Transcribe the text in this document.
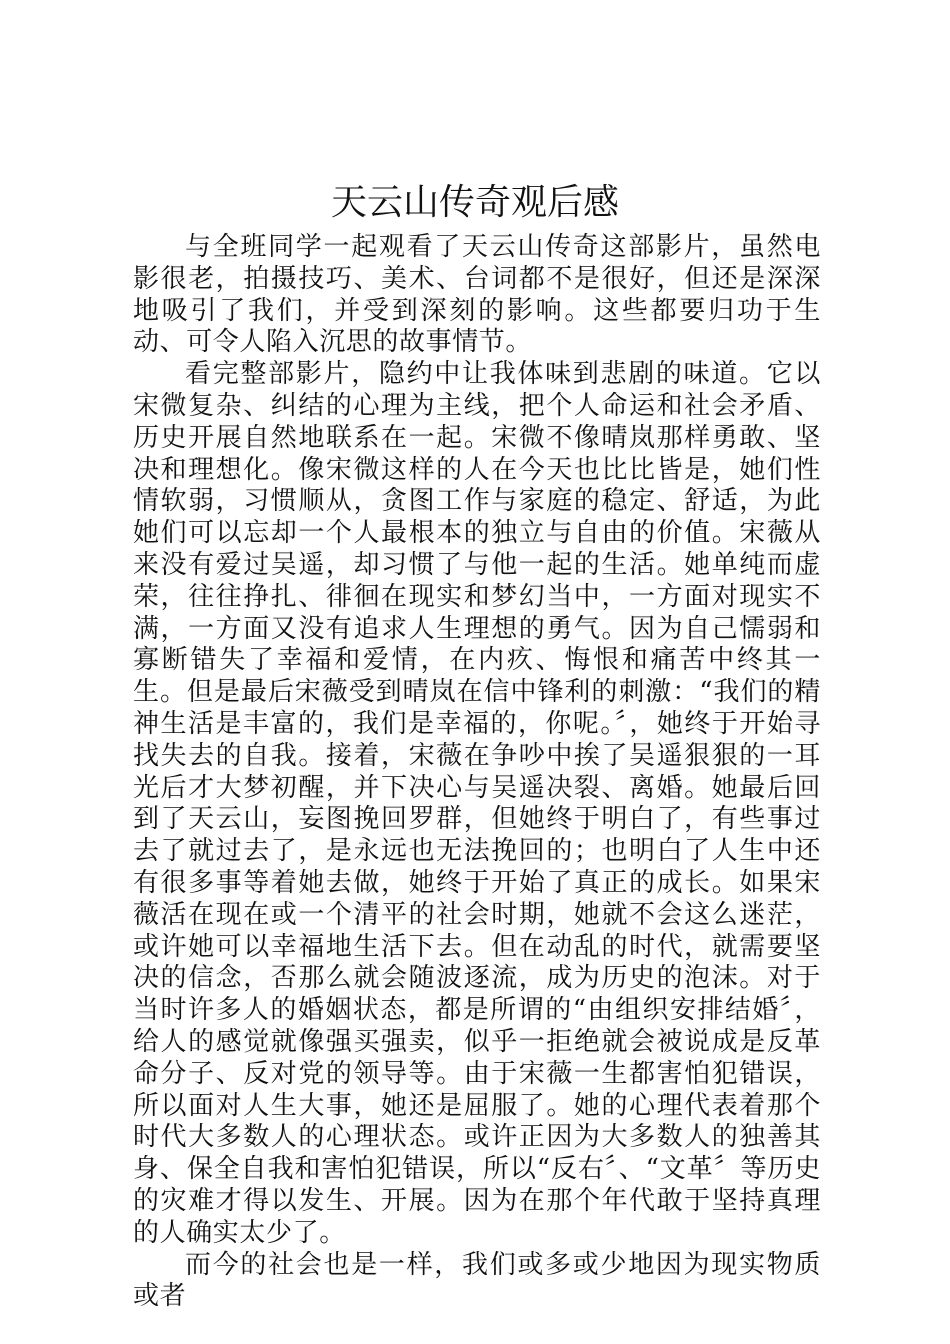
天云山传奇观后感

与全班同学一起观看了天云山传奇这部影片，虽然电影很老，拍摄技巧、美术、台词都不是很好，但还是深深地吸引了我们，并受到深刻的影响。这些都要归功于生动、可令人陷入沉思的故事情节。

看完整部影片，隐约中让我体味到悲剧的味道。它以宋微复杂、纠结的心理为主线，把个人命运和社会矛盾、历史开展自然地联系在一起。宋微不像晴岚那样勇敢、坚决和理想化。像宋微这样的人在今天也比比皆是，她们性情软弱，习惯顺从，贪图工作与家庭的稳定、舒适，为此她们可以忘却一个人最根本的独立与自由的价值。宋薇从来没有爱过吴遥，却习惯了与他一起的生活。她单纯而虚荣，往往挣扎、徘徊在现实和梦幻当中，一方面对现实不满，一方面又没有追求人生理想的勇气。因为自己懦弱和寡断错失了幸福和爱情，在内疚、悔恨和痛苦中终其一生。但是最后宋薇受到晴岚在信中锋利的刺激：“我们的精神生活是丰富的，我们是幸福的，你呢。〞，她终于开始寻找失去的自我。接着，宋薇在争吵中挨了吴遥狠狠的一耳光后才大梦初醒，并下决心与吴遥决裂、离婚。她最后回到了天云山，妄图挽回罗群，但她终于明白了，有些事过去了就过去了，是永远也无法挽回的；也明白了人生中还有很多事等着她去做，她终于开始了真正的成长。如果宋薇活在现在或一个清平的社会时期，她就不会这么迷茫，或许她可以幸福地生活下去。但在动乱的时代，就需要坚决的信念，否那么就会随波逐流，成为历史的泡沫。对于当时许多人的婚姻状态，都是所谓的“由组织安排结婚〞，给人的感觉就像强买强卖，似乎一拒绝就会被说成是反革命分子、反对党的领导等。由于宋薇一生都害怕犯错误，所以面对人生大事，她还是屈服了。她的心理代表着那个时代大多数人的心理状态。或许正因为大多数人的独善其身、保全自我和害怕犯错误，所以“反右〞、“文革〞等历史的灾难才得以发生、开展。因为在那个年代敢于坚持真理的人确实太少了。

而今的社会也是一样，我们或多或少地因为现实物质或者
